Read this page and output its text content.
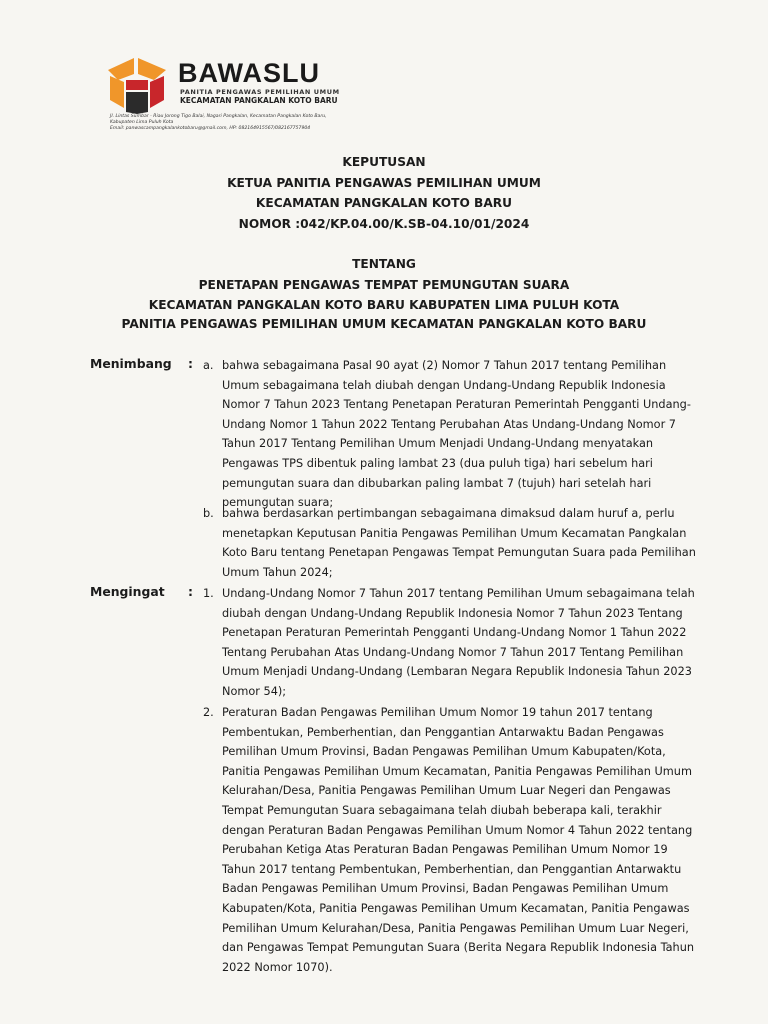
BAWASLU
PANITIA PENGAWAS PEMILIHAN UMUM
KECAMATAN PANGKALAN KOTO BARU
Jl. Lintas Sumbar - Riau Jorong Tigo Balai, Nagari Pangkalan, Kecamatan Pangkalan Koto Baru,
Kabupaten Lima Puluh Kota
Email: panwascampangkalankotobaru@gmail.com, HP: 082164915567/082167757904
KEPUTUSAN
KETUA PANITIA PENGAWAS PEMILIHAN UMUM
KECAMATAN PANGKALAN KOTO BARU
NOMOR :042/KP.04.00/K.SB-04.10/01/2024
TENTANG
PENETAPAN PENGAWAS TEMPAT PEMUNGUTAN SUARA
KECAMATAN PANGKALAN KOTO BARU KABUPATEN LIMA PULUH KOTA
PANITIA PENGAWAS PEMILIHAN UMUM KECAMATAN PANGKALAN KOTO BARU
Menimbang : a. bahwa sebagaimana Pasal 90 ayat (2) Nomor 7 Tahun 2017 tentang Pemilihan
Umum sebagaimana telah diubah dengan Undang-Undang Republik Indonesia
Nomor 7 Tahun 2023 Tentang Penetapan Peraturan Pemerintah Pengganti Undang-
Undang Nomor 1 Tahun 2022 Tentang Perubahan Atas Undang-Undang Nomor 7
Tahun 2017 Tentang Pemilihan Umum Menjadi Undang-Undang menyatakan
Pengawas TPS dibentuk paling lambat 23 (dua puluh tiga) hari sebelum hari
pemungutan suara dan dibubarkan paling lambat 7 (tujuh) hari setelah hari
pemungutan suara;
b. bahwa berdasarkan pertimbangan sebagaimana dimaksud dalam huruf a, perlu
menetapkan Keputusan Panitia Pengawas Pemilihan Umum Kecamatan Pangkalan
Koto Baru tentang Penetapan Pengawas Tempat Pemungutan Suara pada Pemilihan
Umum Tahun 2024;
Mengingat : 1. Undang-Undang Nomor 7 Tahun 2017 tentang Pemilihan Umum sebagaimana telah
diubah dengan Undang-Undang Republik Indonesia Nomor 7 Tahun 2023 Tentang
Penetapan Peraturan Pemerintah Pengganti Undang-Undang Nomor 1 Tahun 2022
Tentang Perubahan Atas Undang-Undang Nomor 7 Tahun 2017 Tentang Pemilihan
Umum Menjadi Undang-Undang (Lembaran Negara Republik Indonesia Tahun 2023
Nomor 54);
2. Peraturan Badan Pengawas Pemilihan Umum Nomor 19 tahun 2017 tentang
Pembentukan, Pemberhentian, dan Penggantian Antarwaktu Badan Pengawas
Pemilihan Umum Provinsi, Badan Pengawas Pemilihan Umum Kabupaten/Kota,
Panitia Pengawas Pemilihan Umum Kecamatan, Panitia Pengawas Pemilihan Umum
Kelurahan/Desa, Panitia Pengawas Pemilihan Umum Luar Negeri dan Pengawas
Tempat Pemungutan Suara sebagaimana telah diubah beberapa kali, terakhir
dengan Peraturan Badan Pengawas Pemilihan Umum Nomor 4 Tahun 2022 tentang
Perubahan Ketiga Atas Peraturan Badan Pengawas Pemilihan Umum Nomor 19
Tahun 2017 tentang Pembentukan, Pemberhentian, dan Penggantian Antarwaktu
Badan Pengawas Pemilihan Umum Provinsi, Badan Pengawas Pemilihan Umum
Kabupaten/Kota, Panitia Pengawas Pemilihan Umum Kecamatan, Panitia Pengawas
Pemilihan Umum Kelurahan/Desa, Panitia Pengawas Pemilihan Umum Luar Negeri,
dan Pengawas Tempat Pemungutan Suara (Berita Negara Republik Indonesia Tahun
2022 Nomor 1070).
